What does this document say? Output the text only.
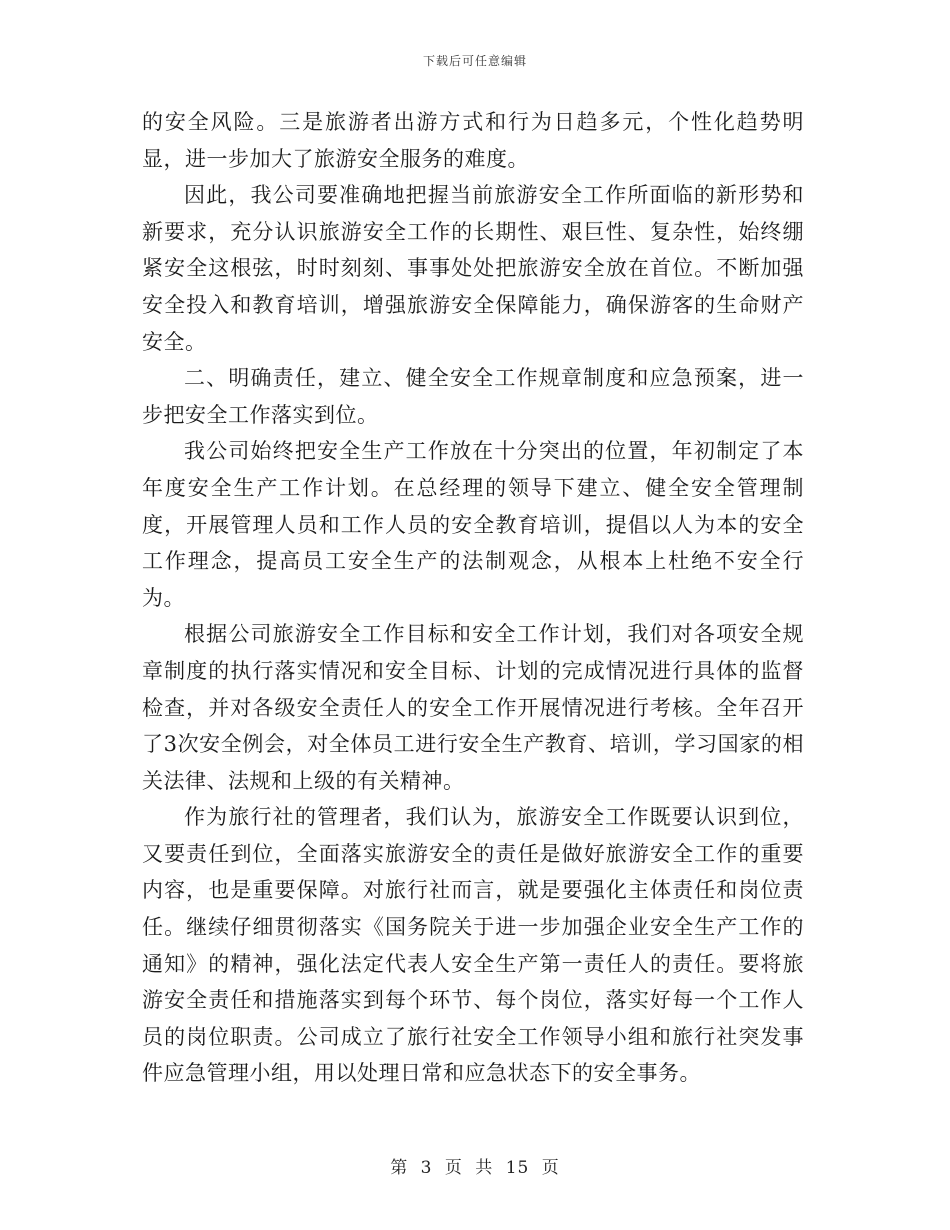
下载后可任意编辑

的安全风险。三是旅游者出游方式和行为日趋多元，个性化趋势明显，进一步加大了旅游安全服务的难度。

因此，我公司要准确地把握当前旅游安全工作所面临的新形势和新要求，充分认识旅游安全工作的长期性、艰巨性、复杂性，始终绷紧安全这根弦，时时刻刻、事事处处把旅游安全放在首位。不断加强安全投入和教育培训，增强旅游安全保障能力，确保游客的生命财产安全。

二、明确责任，建立、健全安全工作规章制度和应急预案，进一步把安全工作落实到位。

我公司始终把安全生产工作放在十分突出的位置，年初制定了本年度安全生产工作计划。在总经理的领导下建立、健全安全管理制度，开展管理人员和工作人员的安全教育培训，提倡以人为本的安全工作理念，提高员工安全生产的法制观念，从根本上杜绝不安全行为。

根据公司旅游安全工作目标和安全工作计划，我们对各项安全规章制度的执行落实情况和安全目标、计划的完成情况进行具体的监督检查，并对各级安全责任人的安全工作开展情况进行考核。全年召开了3次安全例会，对全体员工进行安全生产教育、培训，学习国家的相关法律、法规和上级的有关精神。

作为旅行社的管理者，我们认为，旅游安全工作既要认识到位，又要责任到位，全面落实旅游安全的责任是做好旅游安全工作的重要内容，也是重要保障。对旅行社而言，就是要强化主体责任和岗位责任。继续仔细贯彻落实《国务院关于进一步加强企业安全生产工作的通知》的精神，强化法定代表人安全生产第一责任人的责任。要将旅游安全责任和措施落实到每个环节、每个岗位，落实好每一个工作人员的岗位职责。公司成立了旅行社安全工作领导小组和旅行社突发事件应急管理小组，用以处理日常和应急状态下的安全事务。

第 3 页 共 15 页
